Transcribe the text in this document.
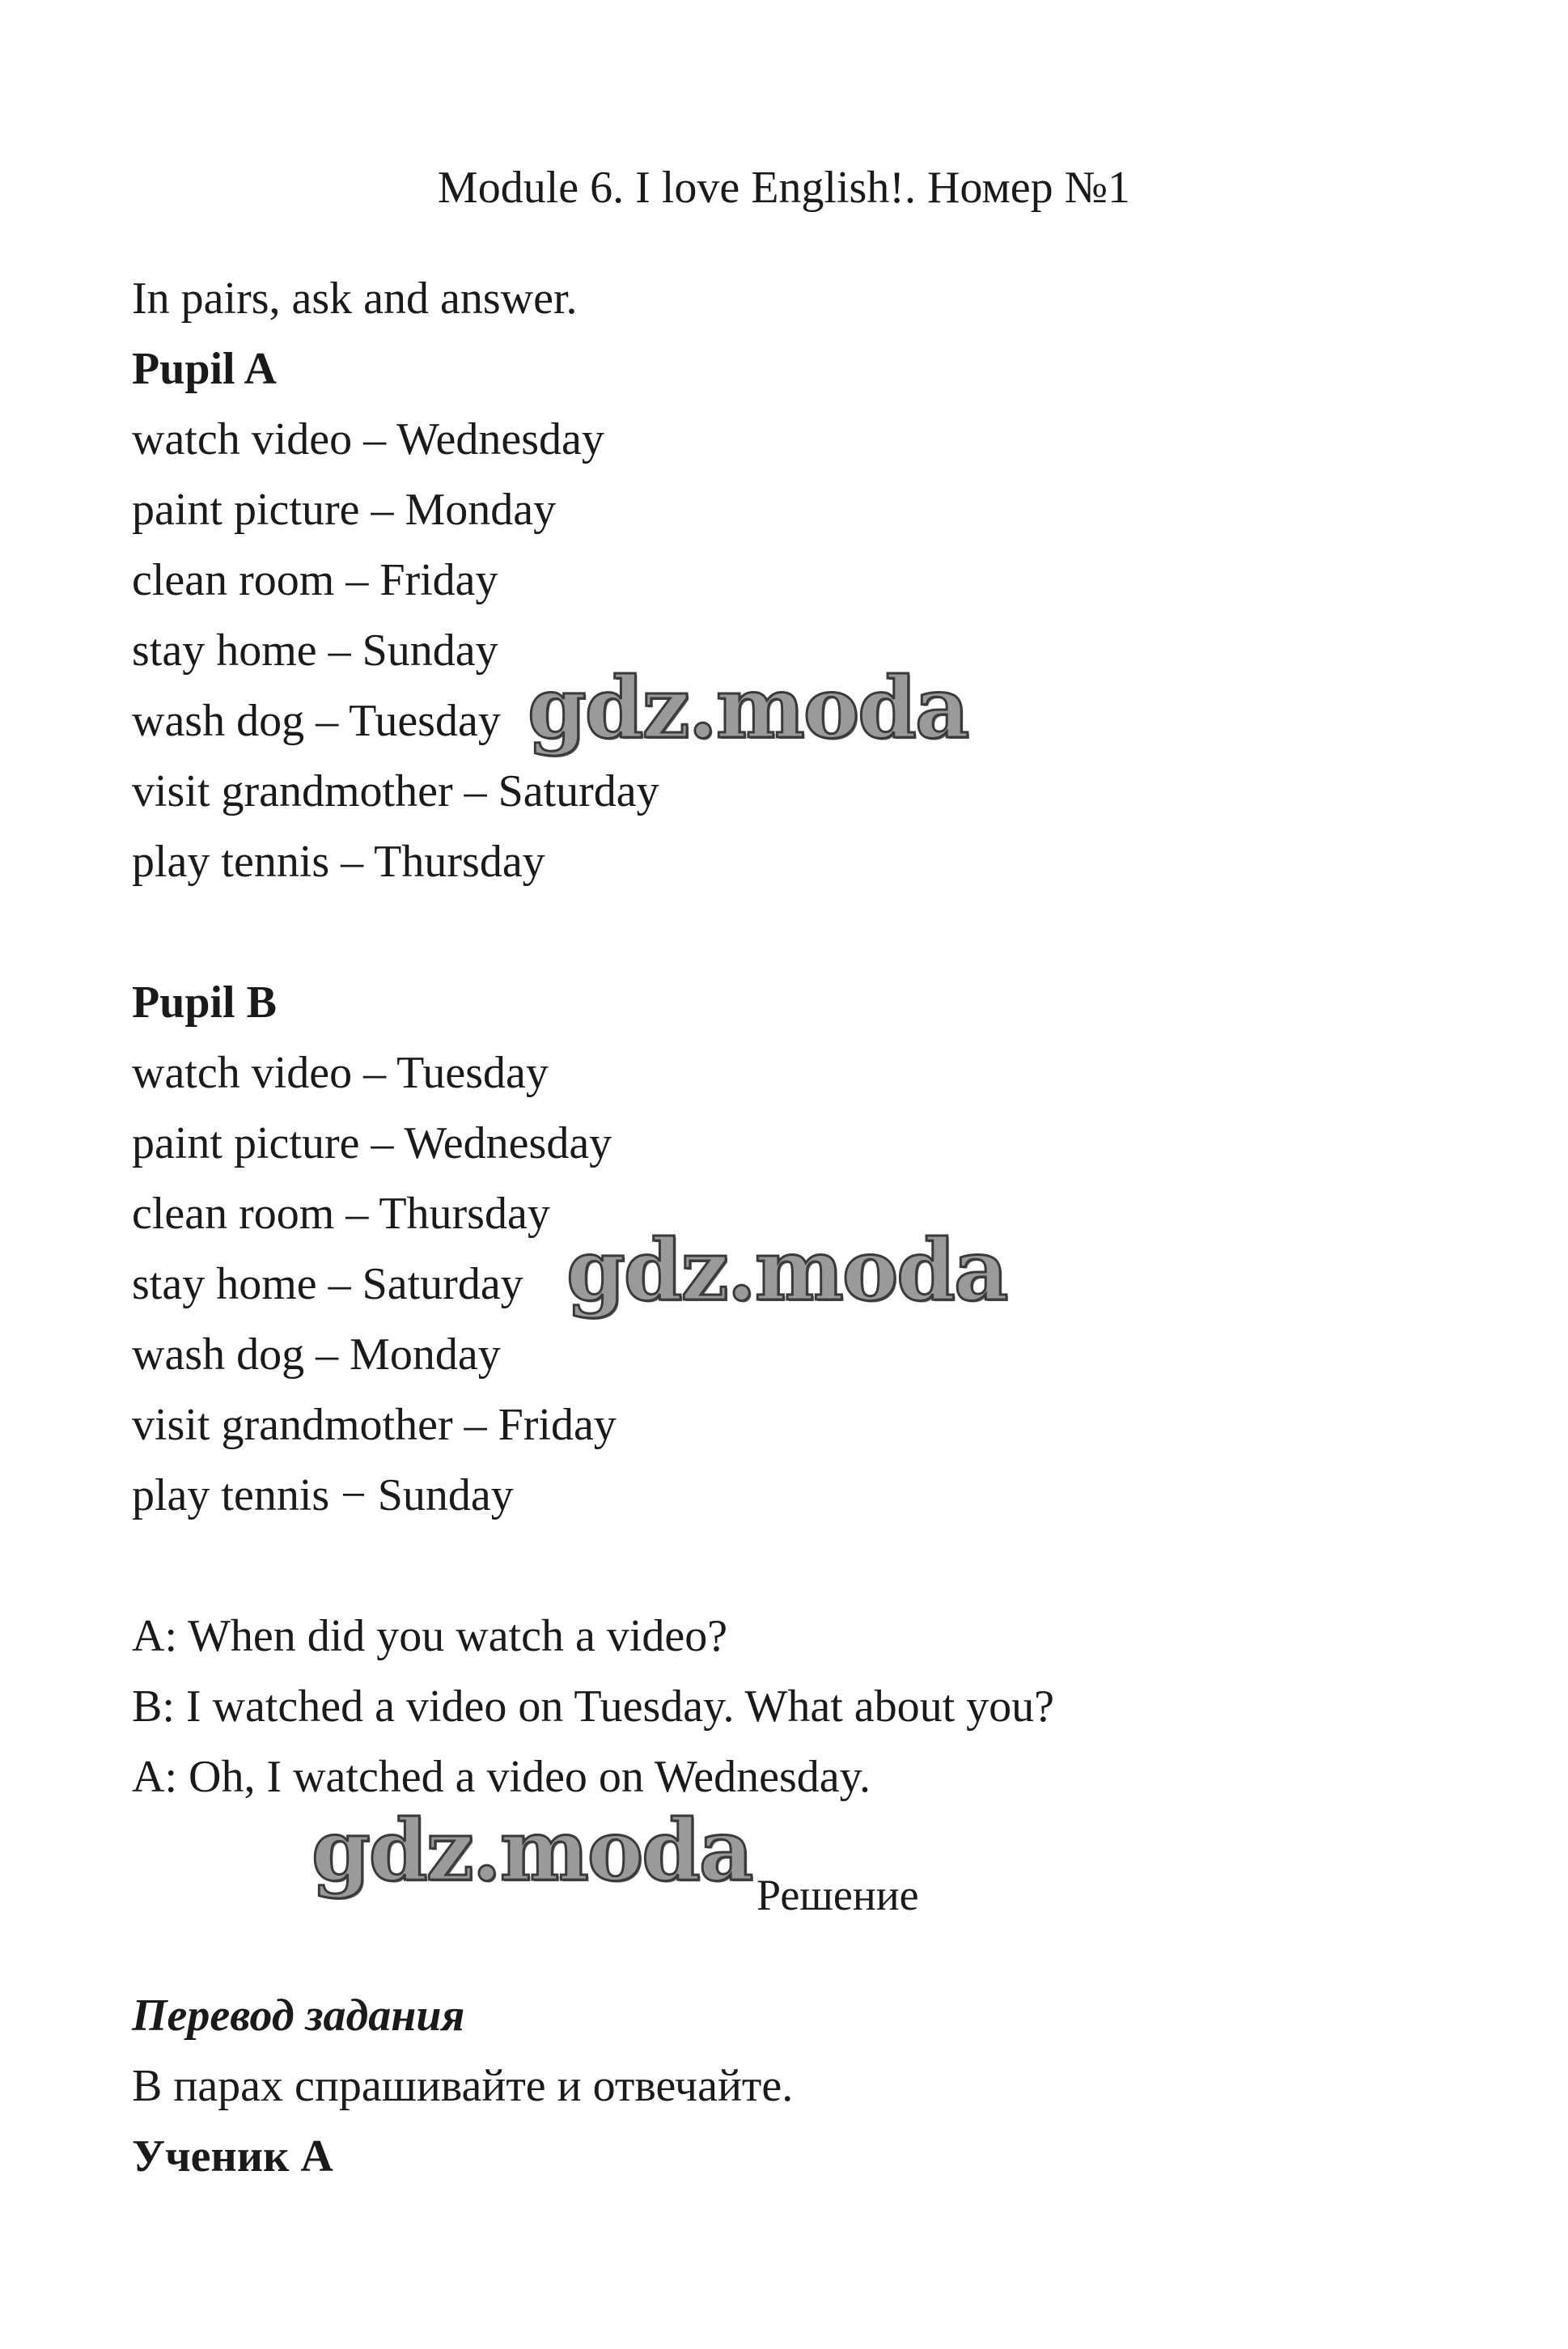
Module 6. I love English!. Номер №1
In pairs, ask and answer.
Pupil A
watch video – Wednesday
paint picture – Monday
clean room – Friday
stay home – Sunday
wash dog – Tuesday
visit grandmother – Saturday
play tennis – Thursday
gdz.moda
Pupil B
watch video – Tuesday
paint picture – Wednesday
clean room – Thursday
stay home – Saturday
wash dog – Monday
visit grandmother – Friday
play tennis − Sunday
gdz.moda
A: When did you watch a video?
B: I watched a video on Tuesday. What about you?
A: Oh, I watched a video on Wednesday.
gdz.moda Решение
Перевод задания
В парах спрашивайте и отвечайте.
Ученик А
